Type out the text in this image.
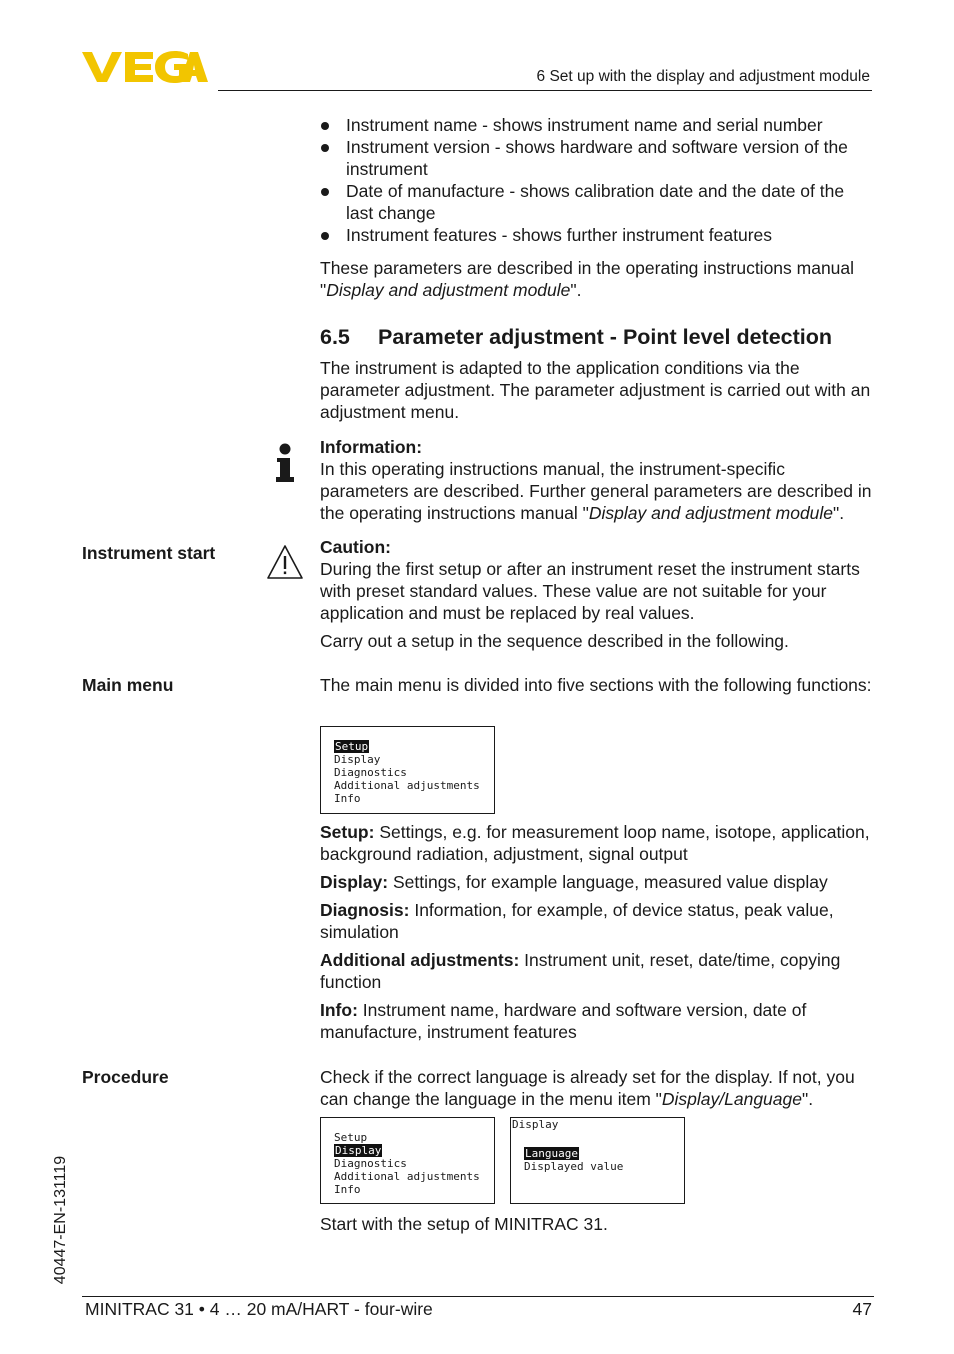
6 Set up with the display and adjustment module
Instrument name - shows instrument name and serial number
Instrument version - shows hardware and software version of the instrument
Date of manufacture - shows calibration date and the date of the last change
Instrument features - shows further instrument features
These parameters are described in the operating instructions manual "Display and adjustment module".
6.5 Parameter adjustment - Point level detection
The instrument is adapted to the application conditions via the parameter adjustment. The parameter adjustment is carried out with an adjustment menu.
Information:
In this operating instructions manual, the instrument-specific parameters are described. Further general parameters are described in the operating instructions manual "Display and adjustment module".
Instrument start	Caution:
During the first setup or after an instrument reset the instrument starts with preset standard values. These value are not suitable for your application and must be replaced by real values.
Carry out a setup in the sequence described in the following.
Main menu	The main menu is divided into five sections with the following functions:
Setup
Display
Diagnostics
Additional adjustments
Info
Setup: Settings, e.g. for measurement loop name, isotope, application, background radiation, adjustment, signal output
Display: Settings, for example language, measured value display
Diagnosis: Information, for example, of device status, peak value, simulation
Additional adjustments: Instrument unit, reset, date/time, copying function
Info: Instrument name, hardware and software version, date of manufacture, instrument features
Procedure	Check if the correct language is already set for the display. If not, you can change the language in the menu item "Display/Language".
Setup
Display
Diagnostics
Additional adjustments
Info
Display
Language
Displayed value
Start with the setup of MINITRAC 31.
40447-EN-131119
MINITRAC 31 • 4 … 20 mA/HART - four-wire	47
